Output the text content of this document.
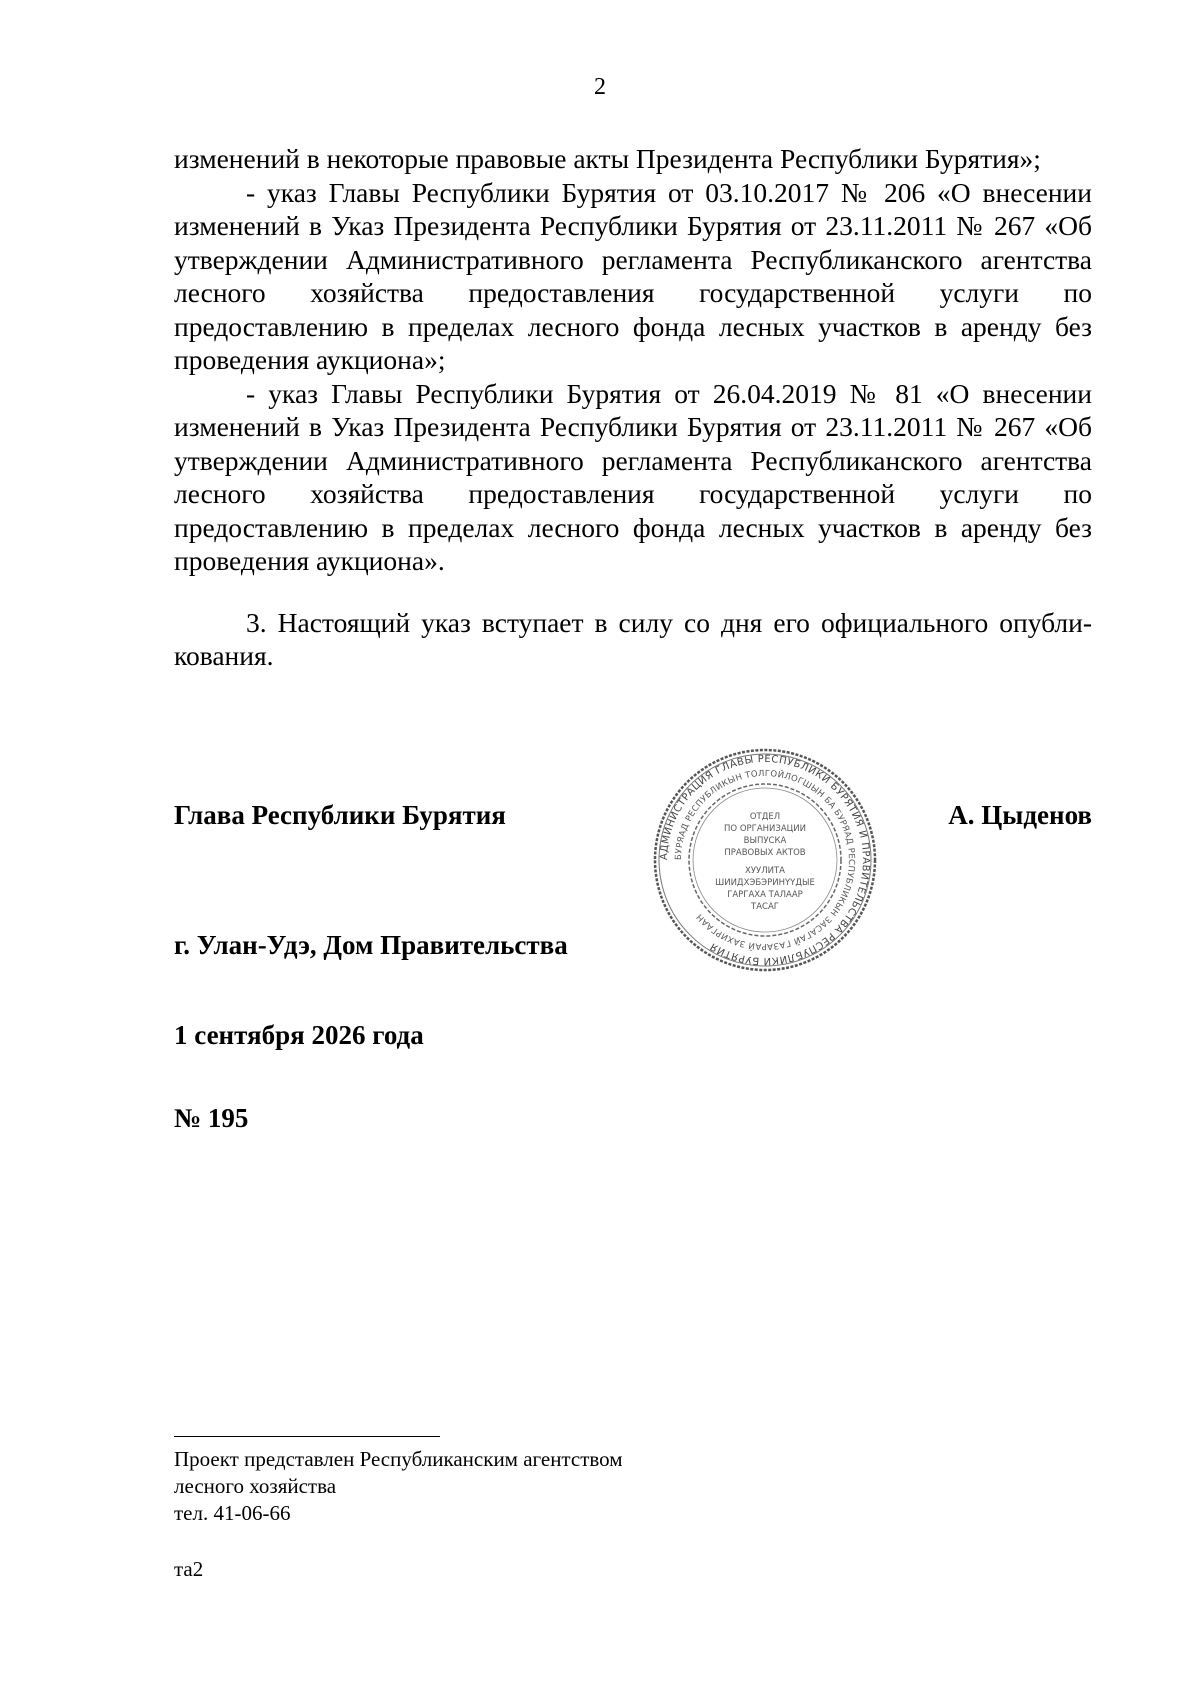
2

изменений в некоторые правовые акты Президента Республики Бурятия»;

- указ Главы Республики Бурятия от 03.10.2017 № 206 «О внесении изменений в Указ Президента Республики Бурятия от 23.11.2011 № 267 «Об утверждении Административного регламента Республиканского агентства лесного хозяйства предоставления государственной услуги по предоставлению в пределах лесного фонда лесных участков в аренду без проведения аукциона»;

- указ Главы Республики Бурятия от 26.04.2019 № 81 «О внесении изменений в Указ Президента Республики Бурятия от 23.11.2011 № 267 «Об утверждении Административного регламента Республиканского агентства лесного хозяйства предоставления государственной услуги по предоставлению в пределах лесного фонда лесных участков в аренду без проведения аукциона».

3. Настоящий указ вступает в силу со дня его официального опубли-кования.

Глава Республики Бурятия	А. Цыденов
АДМИНИСТРАЦИЯ ГЛАВЫ РЕСПУБЛИКИ БУРЯТИЯ И ПРАВИТЕЛЬСТВА РЕСПУБЛИКИ БУРЯТИЯ
БУРЯАД РЕСПУБЛИКЫН ТОЛГОЙЛОГШЫН БА БУРЯАД РЕСПУБЛИКЫН ЗАСАГАЙ ГАЗАРАЙ ЗАХИРГААН
ОТДЕЛ
ПО ОРГАНИЗАЦИИ
ВЫПУСКА
ПРАВОВЫХ АКТОВ
ХУУЛИТА
ШИИДХЭБЭРИНҮҮДЫЕ
ГАРГАХА ТАЛААР
ТАСАГ
г. Улан-Удэ, Дом Правительства
1 сентября 2026 года
№ 195
Проект представлен Республиканским агентством
лесного хозяйства
тел. 41-06-66
та2
